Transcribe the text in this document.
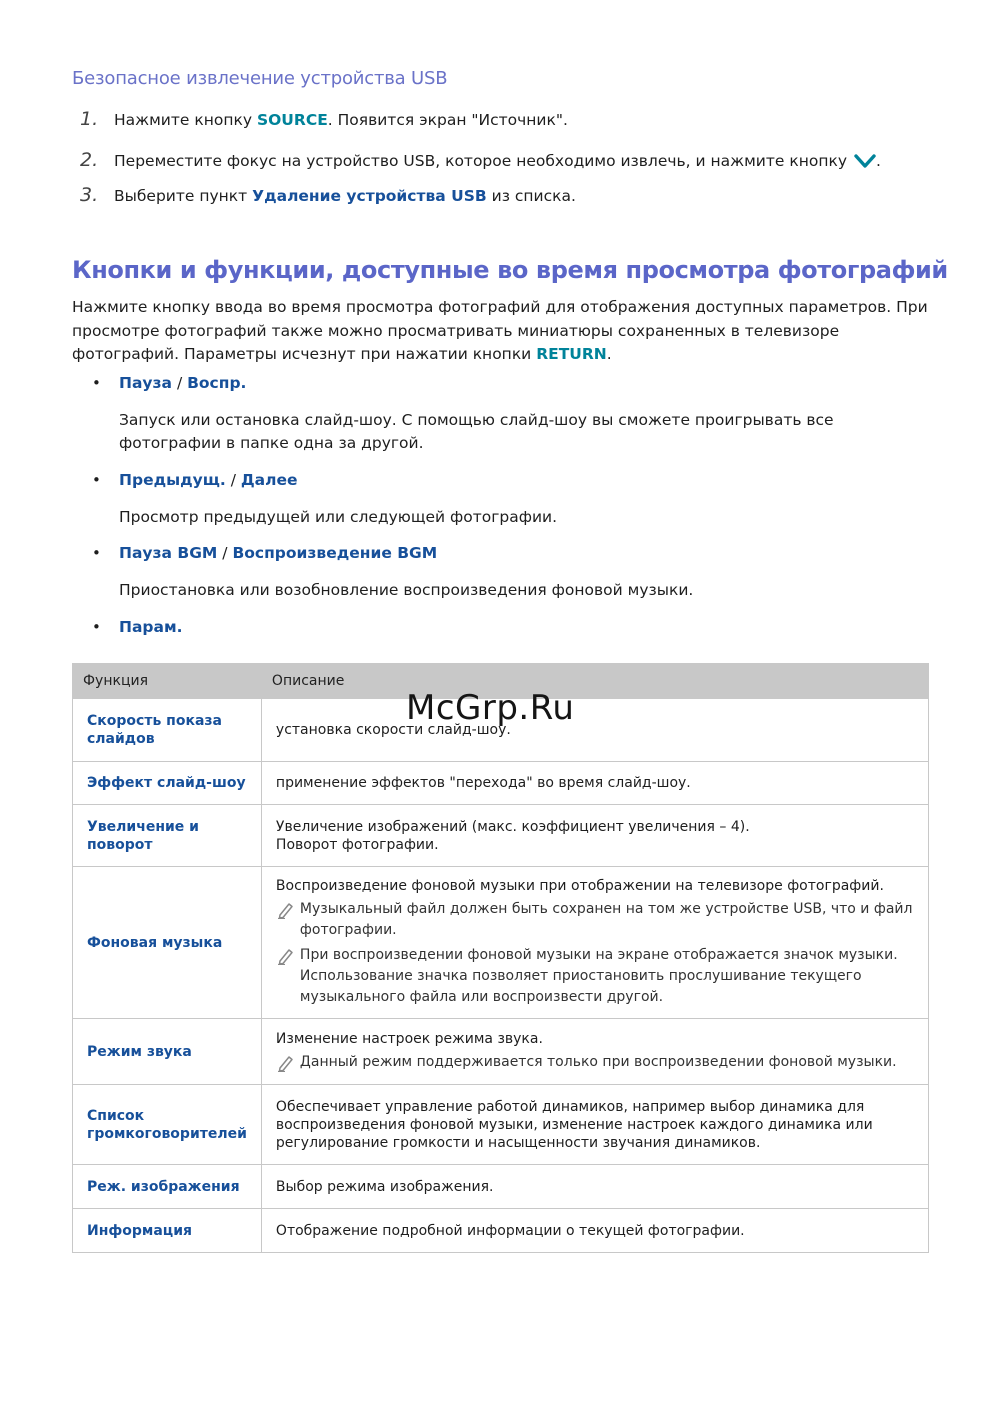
Безопасное извлечение устройства USB
1. Нажмите кнопку SOURCE. Появится экран "Источник".
2. Переместите фокус на устройство USB, которое необходимо извлечь, и нажмите кнопку .
3. Выберите пункт Удаление устройства USB из списка.
Кнопки и функции, доступные во время просмотра фотографий

Нажмите кнопку ввода во время просмотра фотографий для отображения доступных параметров. При просмотре фотографий также можно просматривать миниатюры сохраненных в телевизоре фотографий. Параметры исчезнут при нажатии кнопки RETURN.

• Пауза / Воспр.

Запуск или остановка слайд-шоу. С помощью слайд-шоу вы сможете проигрывать все фотографии в папке одна за другой.

• Предыдущ. / Далее

Просмотр предыдущей или следующей фотографии.

• Пауза BGM / Воспроизведение BGM

Приостановка или возобновление воспроизведения фоновой музыки.

• Парам.
Функция	Описание
Скорость показа слайдов	установка скорости слайд-шоу.
Эффект слайд-шоу	применение эффектов "перехода" во время слайд-шоу.
Увеличение и поворот	Увеличение изображений (макс. коэффициент увеличения – 4).
Поворот фотографии.

Фоновая музыка	Воспроизведение фоновой музыки при отображении на телевизоре фотографий.
Музыкальный файл должен быть сохранен на том же устройстве USB, что и файл фотографии.
При воспроизведении фоновой музыки на экране отображается значок музыки. Использование значка позволяет приостановить прослушивание текущего музыкального файла или воспроизвести другой.

Режим звука	Изменение настроек режима звука.
Данный режим поддерживается только при воспроизведении фоновой музыки.

Список громкоговорителей	Обеспечивает управление работой динамиков, например выбор динамика для воспроизведения фоновой музыки, изменение настроек каждого динамика или регулирование громкости и насыщенности звучания динамиков.
Реж. изображения	Выбор режима изображения.
Информация	Отображение подробной информации о текущей фотографии.
McGrp.Ru
